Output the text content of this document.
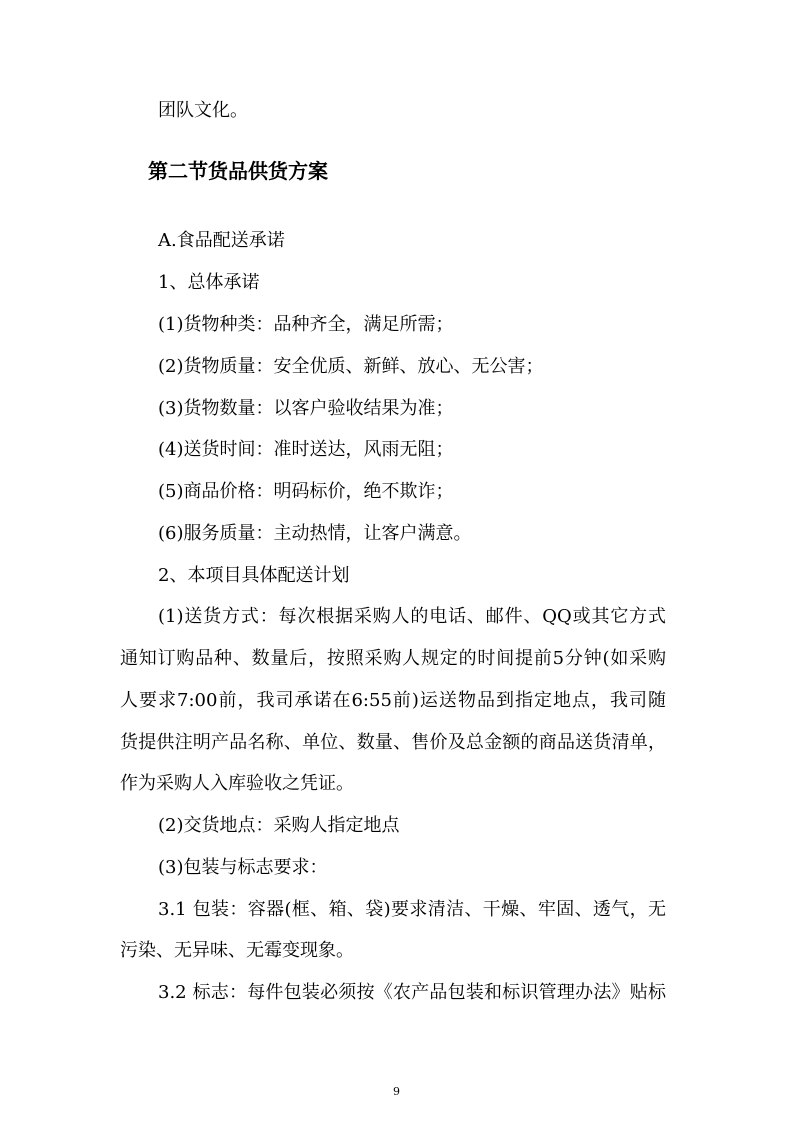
团队文化。
第二节货品供货方案
A.食品配送承诺
1、总体承诺
(1)货物种类：品种齐全，满足所需；
(2)货物质量：安全优质、新鲜、放心、无公害；
(3)货物数量：以客户验收结果为准；
(4)送货时间：准时送达，风雨无阻；
(5)商品价格：明码标价，绝不欺诈；
(6)服务质量：主动热情，让客户满意。
2、本项目具体配送计划
(1)送货方式：每次根据采购人的电话、邮件、QQ或其它方式
通知订购品种、数量后，按照采购人规定的时间提前5分钟(如采购
人要求7:00前，我司承诺在6:55前)运送物品到指定地点，我司随
货提供注明产品名称、单位、数量、售价及总金额的商品送货清单，
作为采购人入库验收之凭证。
(2)交货地点：采购人指定地点
(3)包装与标志要求：
3.1 包装：容器(框、箱、袋)要求清洁、干燥、牢固、透气，无
污染、无异味、无霉变现象。
3.2 标志：每件包装必须按《农产品包装和标识管理办法》贴标
9
